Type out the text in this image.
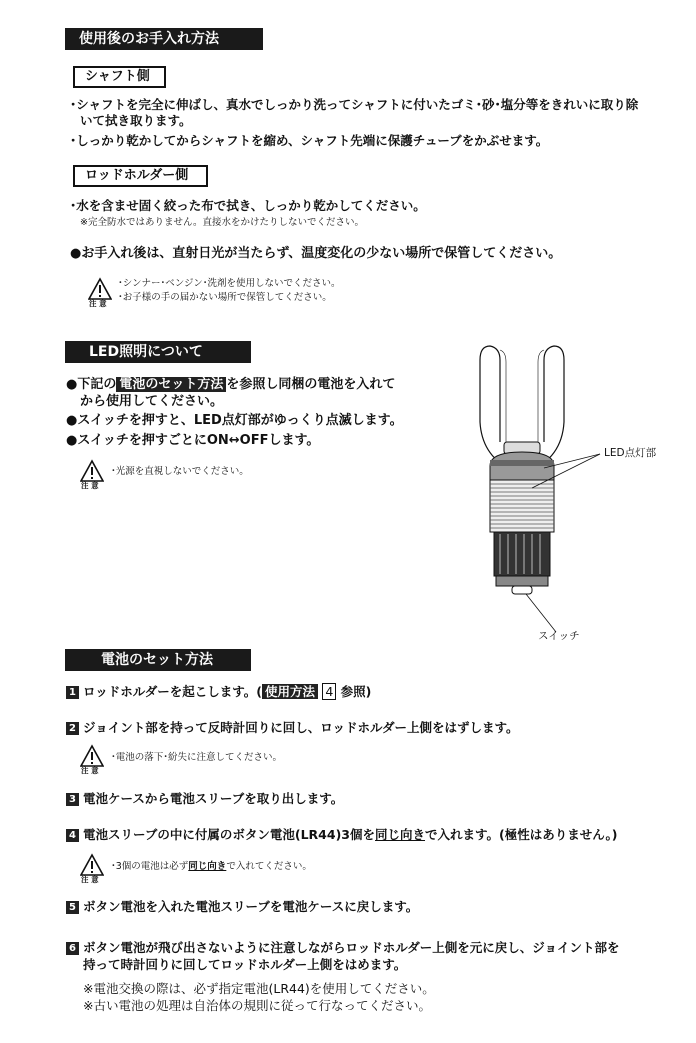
使用後のお手入れ方法
シャフト側
･シャフトを完全に伸ばし、真水でしっかり洗ってシャフトに付いたゴミ･砂･塩分等をきれいに取り除
いて拭き取ります。
･しっかり乾かしてからシャフトを縮め、シャフト先端に保護チューブをかぶせます。
ロッドホルダー側
･水を含ませ固く絞った布で拭き、しっかり乾かしてください。
※完全防水ではありません。直接水をかけたりしないでください。
●お手入れ後は、直射日光が当たらず、温度変化の少ない場所で保管してください。
注 意
･シンナー･ベンジン･洗剤を使用しないでください。
･お子様の手の届かない場所で保管してください。
LED照明について
●下記の 電池のセット方法 を参照し同梱の電池を入れて
から使用してください。
●スイッチを押すと、LED点灯部がゆっくり点滅します。
●スイッチを押すごとにON↔OFFします。
注 意
･光源を直視しないでください。
LED点灯部
スイッチ
電池のセット方法
1 ロッドホルダーを起こします。( 使用方法 4 参照)
2 ジョイント部を持って反時計回りに回し、ロッドホルダー上側をはずします。
注 意
･電池の落下･紛失に注意してください。
3 電池ケースから電池スリーブを取り出します。
4 電池スリーブの中に付属のボタン電池(LR44)3個を同じ向きで入れます。(極性はありません。)
注 意
･3個の電池は必ず同じ向きで入れてください。
5 ボタン電池を入れた電池スリーブを電池ケースに戻します。
6 ボタン電池が飛び出さないように注意しながらロッドホルダー上側を元に戻し、ジョイント部を
持って時計回りに回してロッドホルダー上側をはめます。
※電池交換の際は、必ず指定電池(LR44)を使用してください。
※古い電池の処理は自治体の規則に従って行なってください。
